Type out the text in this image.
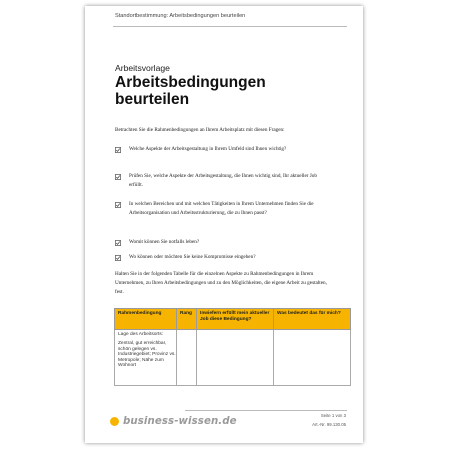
Standortbestimmung: Arbeitsbedingungen beurteilen
Arbeitsvorlage
Arbeitsbedingungen
beurteilen
Betrachten Sie die Rahmenbedingungen an Ihrem Arbeitsplatz mit diesen Fragen:
Welche Aspekte der Arbeitsgestaltung in Ihrem Umfeld sind Ihnen wichtig?
Prüfen Sie, welche Aspekte der Arbeitsgestaltung, die Ihnen wichtig sind, Ihr aktueller Job erfüllt.
In welchen Bereichen und mit welchen Tätigkeiten in Ihrem Unternehmen finden Sie die Arbeitsorganisation und Arbeitsstrukturierung, die zu Ihnen passt?
Womit können Sie notfalls leben?
Wo können oder möchten Sie keine Kompromisse eingehen?
Halten Sie in der folgenden Tabelle für die einzelnen Aspekte zu Rahmenbedingungen in Ihrem Unternehmen, zu Ihren Arbeitsbedingungen und zu den Möglichkeiten, die eigene Arbeit zu gestalten, fest.
Rahmenbedingung	Rang	Inwiefern erfüllt mein aktueller Job diese Bedingung?	Was bedeutet das für mich?

Lage des Arbeitsorts:
Zentral, gut erreichbar, schön gelegen vs. Industriegebiet; Provinz vs. Metropole; Nähe zum Wohnort			

business-wissen.de
Seite 1 von 3
Art.-Nr. 99.130.05
